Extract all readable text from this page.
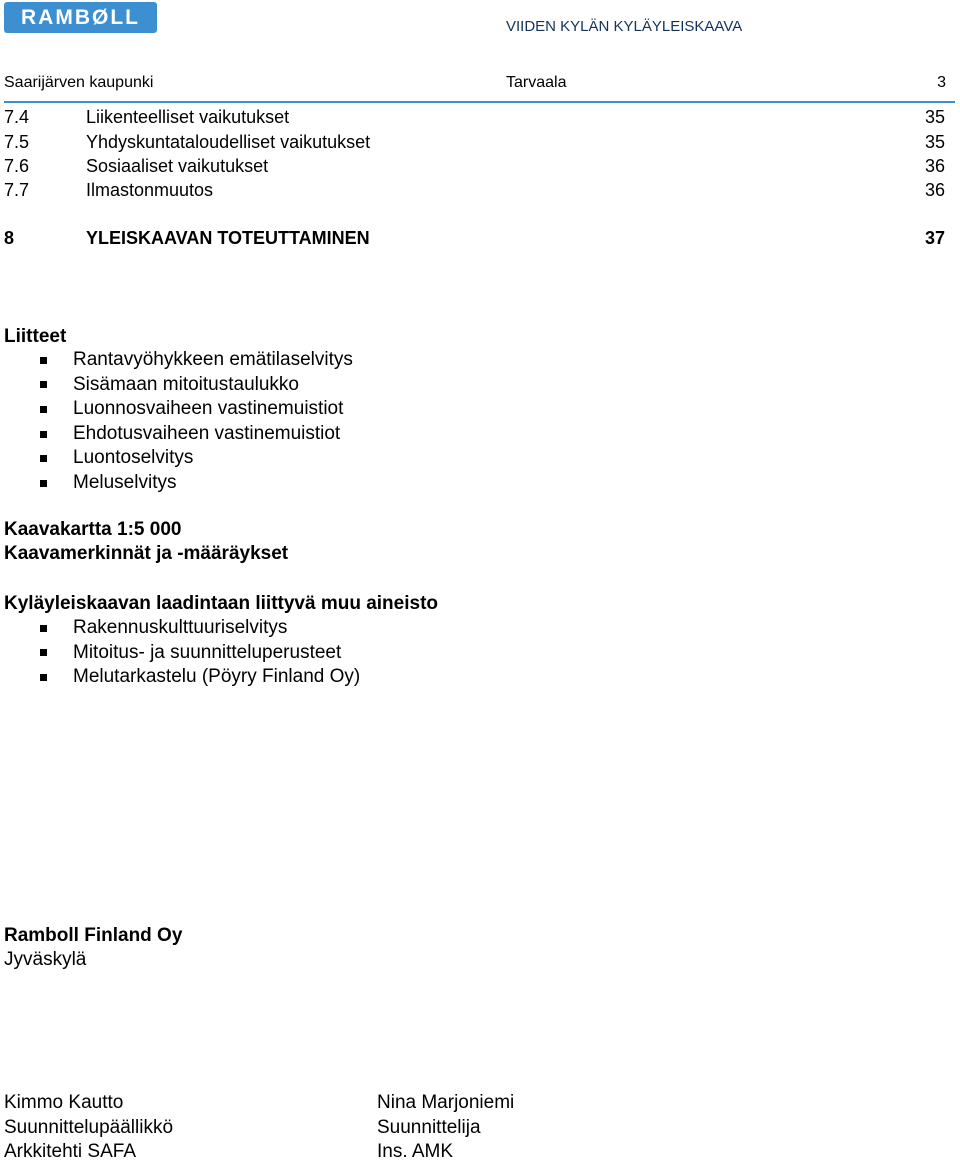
RAMBØLL	VIIDEN KYLÄN KYLÄYLEISKAAVA
Saarijärven kaupunki	Tarvaala	3
7.4	Liikenteelliset vaikutukset	35
7.5	Yhdyskuntataloudelliset vaikutukset	35
7.6	Sosiaaliset vaikutukset	36
7.7	Ilmastonmuutos	36
8	YLEISKAAVAN TOTEUTTAMINEN	37
Liitteet
Rantavyöhykkeen emätilaselvitys
Sisämaan mitoitustaulukko
Luonnosvaiheen vastinemuistiot
Ehdotusvaiheen vastinemuistiot
Luontoselvitys
Meluselvitys
Kaavakartta 1:5 000
Kaavamerkinnät ja -määräykset
Kyläyleiskaavan laadintaan liittyvä muu aineisto
Rakennuskulttuuriselvitys
Mitoitus- ja suunnitteluperusteet
Melutarkastelu (Pöyry Finland Oy)
Ramboll Finland Oy
Jyväskylä
Kimmo Kautto
Suunnittelupäällikkö
Arkkitehti SAFA
Nina Marjoniemi
Suunnittelija
Ins. AMK
